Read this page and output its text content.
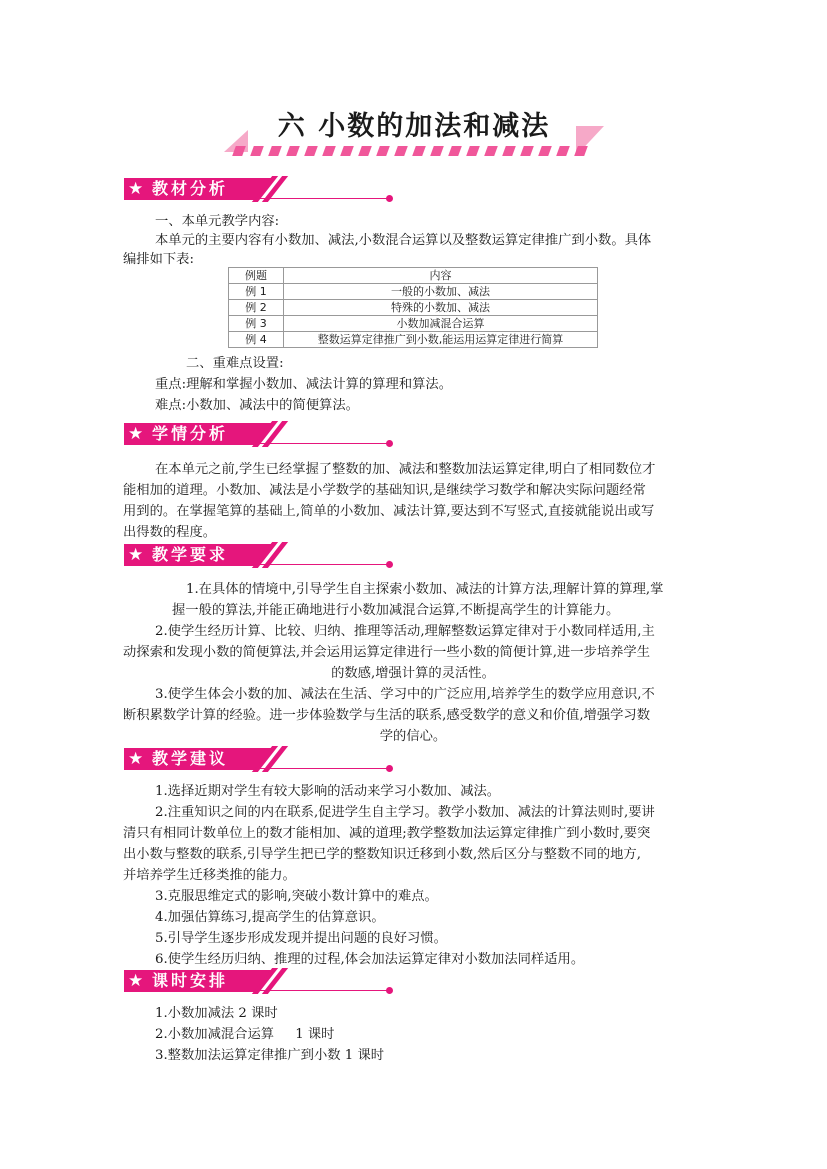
六 小数的加法和减法
★ 教材分析
一、本单元教学内容:
本单元的主要内容有小数加、减法,小数混合运算以及整数运算定律推广到小数。具体
编排如下表:
例题	内容
例 1	一般的小数加、减法
例 2	特殊的小数加、减法
例 3	小数加减混合运算
例 4	整数运算定律推广到小数,能运用运算定律进行简算
二、重难点设置:
重点:理解和掌握小数加、减法计算的算理和算法。
难点:小数加、减法中的简便算法。
★ 学情分析
在本单元之前,学生已经掌握了整数的加、减法和整数加法运算定律,明白了相同数位才
能相加的道理。小数加、减法是小学数学的基础知识,是继续学习数学和解决实际问题经常
用到的。在掌握笔算的基础上,简单的小数加、减法计算,要达到不写竖式,直接就能说出或写
出得数的程度。
★ 教学要求
1.在具体的情境中,引导学生自主探索小数加、减法的计算方法,理解计算的算理,掌
握一般的算法,并能正确地进行小数加减混合运算,不断提高学生的计算能力。
2.使学生经历计算、比较、归纳、推理等活动,理解整数运算定律对于小数同样适用,主
动探索和发现小数的简便算法,并会运用运算定律进行一些小数的简便计算,进一步培养学生
的数感,增强计算的灵活性。
3.使学生体会小数的加、减法在生活、学习中的广泛应用,培养学生的数学应用意识,不
断积累数学计算的经验。进一步体验数学与生活的联系,感受数学的意义和价值,增强学习数
学的信心。
★ 教学建议
1.选择近期对学生有较大影响的活动来学习小数加、减法。
2.注重知识之间的内在联系,促进学生自主学习。教学小数加、减法的计算法则时,要讲
清只有相同计数单位上的数才能相加、减的道理;教学整数加法运算定律推广到小数时,要突
出小数与整数的联系,引导学生把已学的整数知识迁移到小数,然后区分与整数不同的地方,
并培养学生迁移类推的能力。
3.克服思维定式的影响,突破小数计算中的难点。
4.加强估算练习,提高学生的估算意识。
5.引导学生逐步形成发现并提出问题的良好习惯。
6.使学生经历归纳、推理的过程,体会加法运算定律对小数加法同样适用。
★ 课时安排
1.小数加减法 2 课时
2.小数加减混合运算     1 课时
3.整数加法运算定律推广到小数 1 课时
